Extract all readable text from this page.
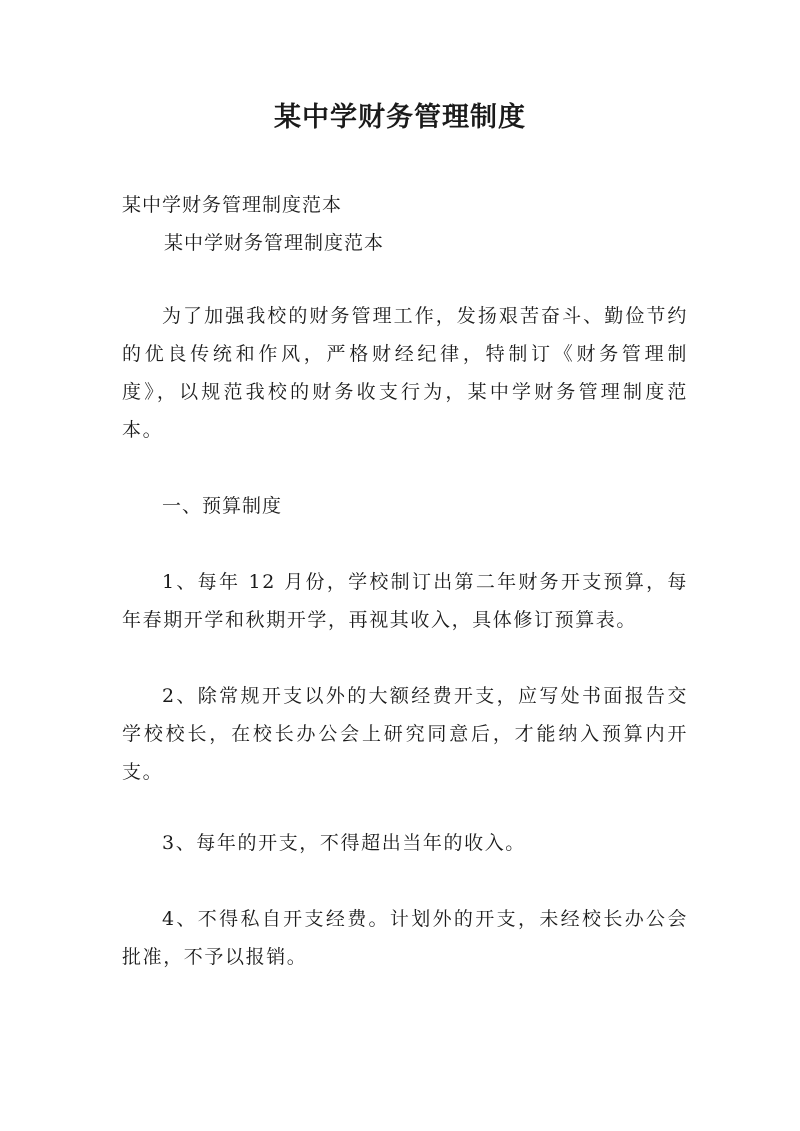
某中学财务管理制度
某中学财务管理制度范本
某中学财务管理制度范本
为了加强我校的财务管理工作，发扬艰苦奋斗、勤俭节约的优良传统和作风，严格财经纪律，特制订《财务管理制度》，以规范我校的财务收支行为，某中学财务管理制度范本。
一、预算制度
1、每年 12 月份，学校制订出第二年财务开支预算，每年春期开学和秋期开学，再视其收入，具体修订预算表。
2、除常规开支以外的大额经费开支，应写处书面报告交学校校长，在校长办公会上研究同意后，才能纳入预算内开支。
3、每年的开支，不得超出当年的收入。
4、不得私自开支经费。计划外的开支，未经校长办公会批准，不予以报销。
